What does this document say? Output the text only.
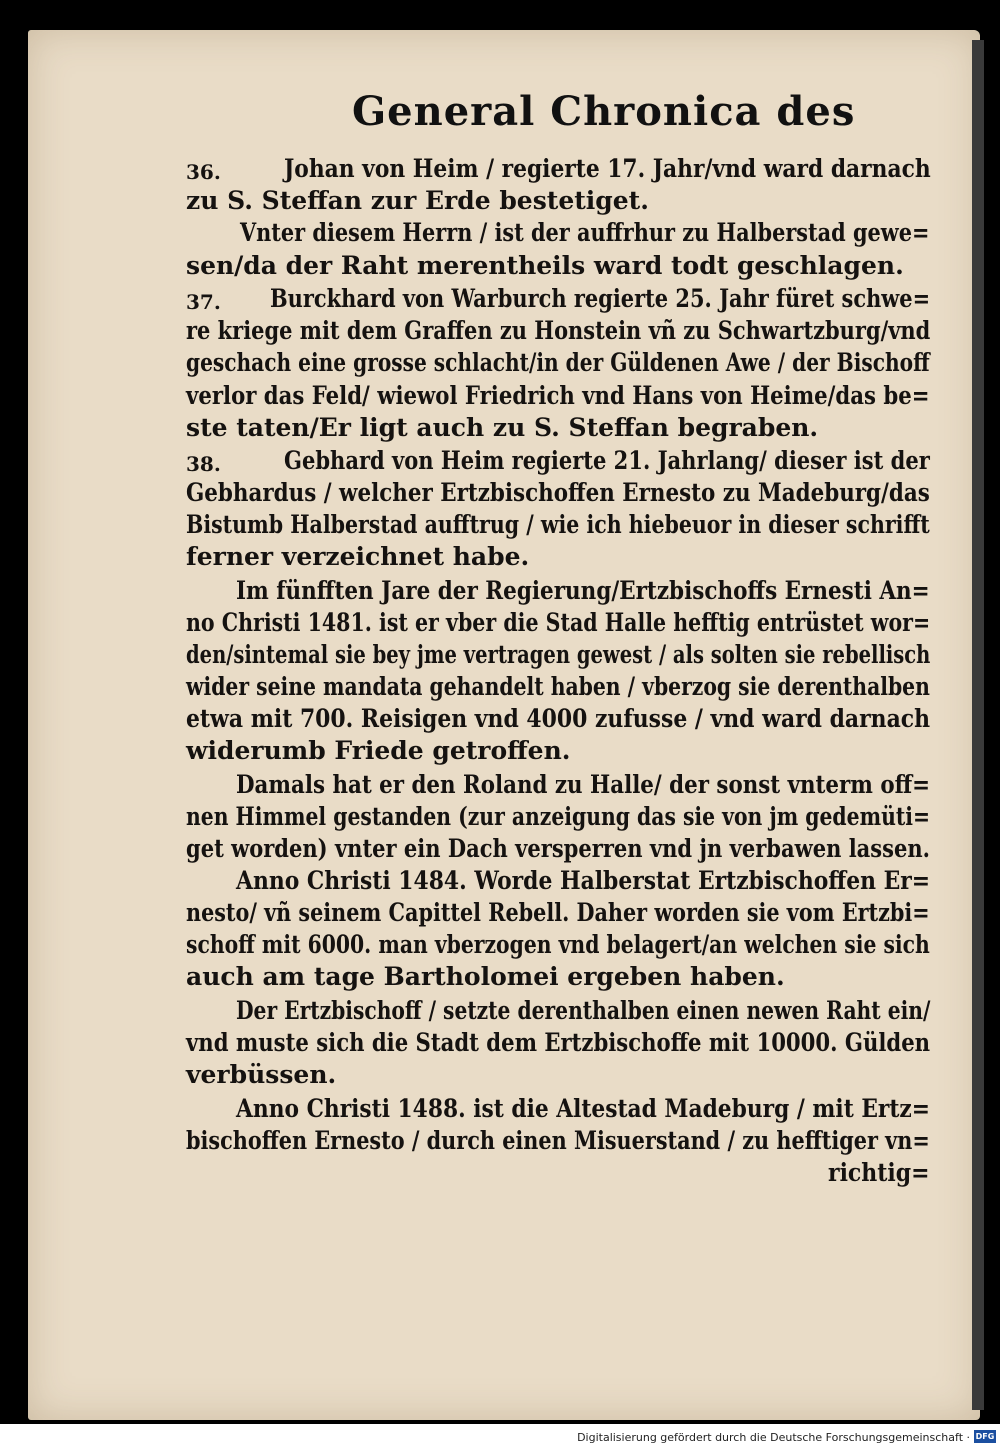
General Chronica des
36.	Johan von Heim / regierte 17. Jahr/vnd ward darnach
zu S. Steffan zur Erde bestetiget.
Vnter diesem Herrn / ist der auffrhur zu Halberstad gewe=
sen/da der Raht merentheils ward todt geschlagen.
37. Burckhard von Warburch regierte 25. Jahr füret schwe=
re kriege mit dem Graffen zu Honstein vñ zu Schwartzburg/vnd
geschach eine grosse schlacht/in der Güldenen Awe / der Bischoff
verlor das Feld/ wiewol Friedrich vnd Hans von Heime/das be=
ste taten/Er ligt auch zu S. Steffan begraben.
38.	Gebhard von Heim regierte 21. Jahrlang/ dieser ist der
Gebhardus / welcher Ertzbischoffen Ernesto zu Madeburg/das
Bistumb Halberstad aufftrug / wie ich hiebeuor in dieser schrifft
ferner verzeichnet habe.
Im fünfften Jare der Regierung/Ertzbischoffs Ernesti An=
no Christi 1481. ist er vber die Stad Halle hefftig entrüstet wor=
den/sintemal sie bey jme vertragen gewest / als solten sie rebellisch
wider seine mandata gehandelt haben / vberzog sie derenthalben
etwa mit 700. Reisigen vnd 4000 zufusse / vnd ward darnach
widerumb Friede getroffen.
Damals hat er den Roland zu Halle/ der sonst vnterm off=
nen Himmel gestanden (zur anzeigung das sie von jm gedemüti=
get worden) vnter ein Dach versperren vnd jn verbawen lassen.
Anno Christi 1484. Worde Halberstat Ertzbischoffen Er=
nesto/ vñ seinem Capittel Rebell. Daher worden sie vom Ertzbi=
schoff mit 6000. man vberzogen vnd belagert/an welchen sie sich
auch am tage Bartholomei ergeben haben.
Der Ertzbischoff / setzte derenthalben einen newen Raht ein/
vnd muste sich die Stadt dem Ertzbischoffe mit 10000. Gülden
verbüssen.
Anno Christi 1488. ist die Altestad Madeburg / mit Ertz=
bischoffen Ernesto / durch einen Misuerstand / zu hefftiger vn=
richtig=
Digitalisierung gefördert durch die Deutsche Forschungsgemeinschaft · DFG
